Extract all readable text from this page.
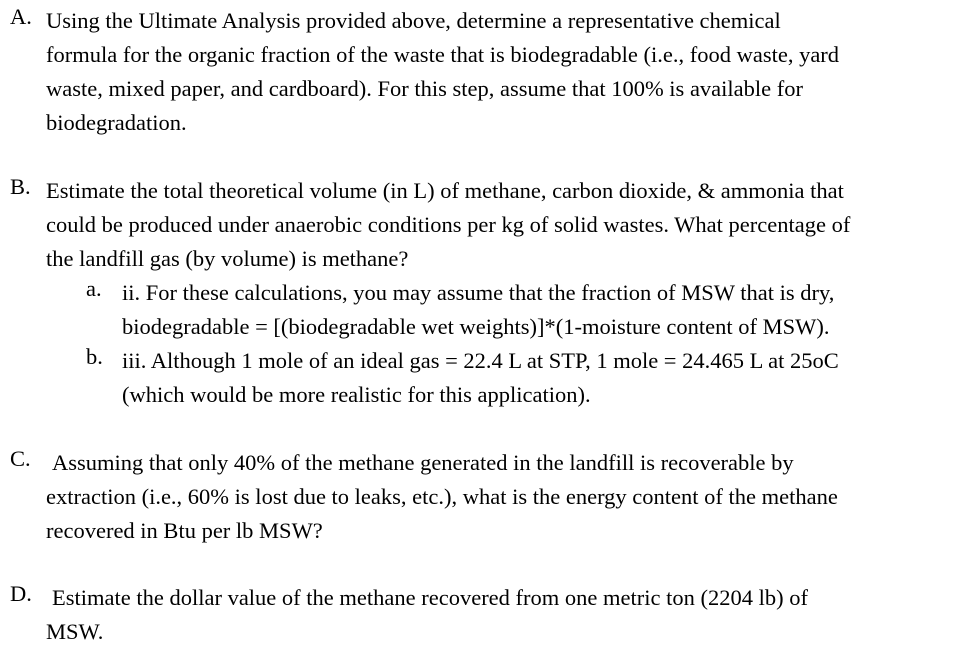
A. Using the Ultimate Analysis provided above, determine a representative chemical
formula for the organic fraction of the waste that is biodegradable (i.e., food waste, yard
waste, mixed paper, and cardboard). For this step, assume that 100% is available for
biodegradation.
B. Estimate the total theoretical volume (in L) of methane, carbon dioxide, & ammonia that
could be produced under anaerobic conditions per kg of solid wastes. What percentage of
the landfill gas (by volume) is methane?
a. ii. For these calculations, you may assume that the fraction of MSW that is dry,
biodegradable = [(biodegradable wet weights)]*(1-moisture content of MSW).
b. iii. Although 1 mole of an ideal gas = 22.4 L at STP, 1 mole = 24.465 L at 25oC
(which would be more realistic for this application).
C. Assuming that only 40% of the methane generated in the landfill is recoverable by
extraction (i.e., 60% is lost due to leaks, etc.), what is the energy content of the methane
recovered in Btu per lb MSW?
D. Estimate the dollar value of the methane recovered from one metric ton (2204 lb) of
MSW.
